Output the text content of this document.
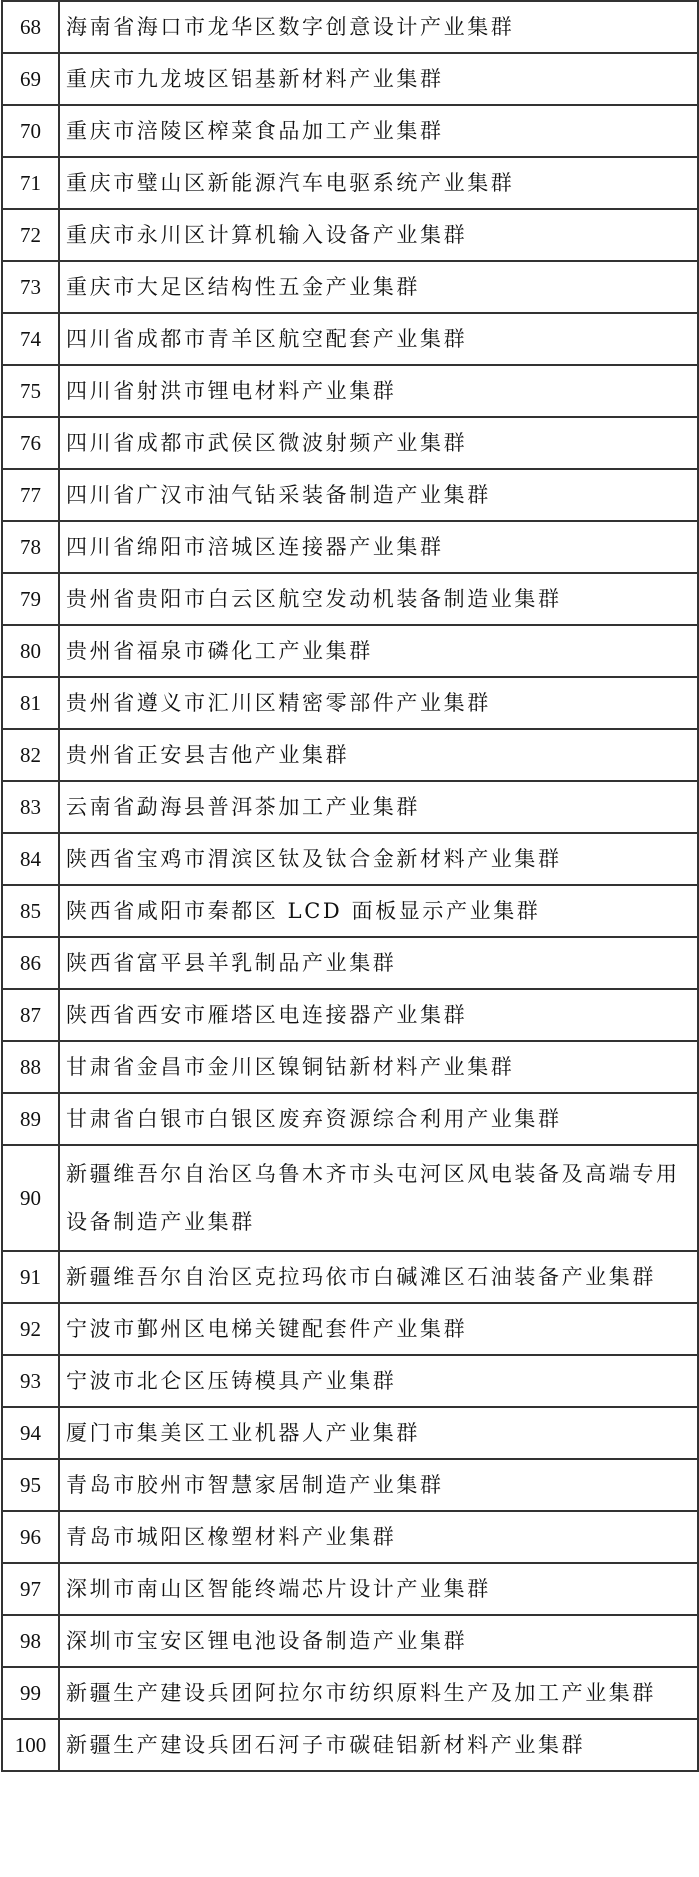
68	海南省海口市龙华区数字创意设计产业集群
69	重庆市九龙坡区铝基新材料产业集群
70	重庆市涪陵区榨菜食品加工产业集群
71	重庆市璧山区新能源汽车电驱系统产业集群
72	重庆市永川区计算机输入设备产业集群
73	重庆市大足区结构性五金产业集群
74	四川省成都市青羊区航空配套产业集群
75	四川省射洪市锂电材料产业集群
76	四川省成都市武侯区微波射频产业集群
77	四川省广汉市油气钻采装备制造产业集群
78	四川省绵阳市涪城区连接器产业集群
79	贵州省贵阳市白云区航空发动机装备制造业集群
80	贵州省福泉市磷化工产业集群
81	贵州省遵义市汇川区精密零部件产业集群
82	贵州省正安县吉他产业集群
83	云南省勐海县普洱茶加工产业集群
84	陕西省宝鸡市渭滨区钛及钛合金新材料产业集群
85	陕西省咸阳市秦都区 LCD 面板显示产业集群
86	陕西省富平县羊乳制品产业集群
87	陕西省西安市雁塔区电连接器产业集群
88	甘肃省金昌市金川区镍铜钴新材料产业集群
89	甘肃省白银市白银区废弃资源综合利用产业集群
90	新疆维吾尔自治区乌鲁木齐市头屯河区风电装备及高端专用设备制造产业集群
91	新疆维吾尔自治区克拉玛依市白碱滩区石油装备产业集群
92	宁波市鄞州区电梯关键配套件产业集群
93	宁波市北仑区压铸模具产业集群
94	厦门市集美区工业机器人产业集群
95	青岛市胶州市智慧家居制造产业集群
96	青岛市城阳区橡塑材料产业集群
97	深圳市南山区智能终端芯片设计产业集群
98	深圳市宝安区锂电池设备制造产业集群
99	新疆生产建设兵团阿拉尔市纺织原料生产及加工产业集群
100	新疆生产建设兵团石河子市碳硅铝新材料产业集群
